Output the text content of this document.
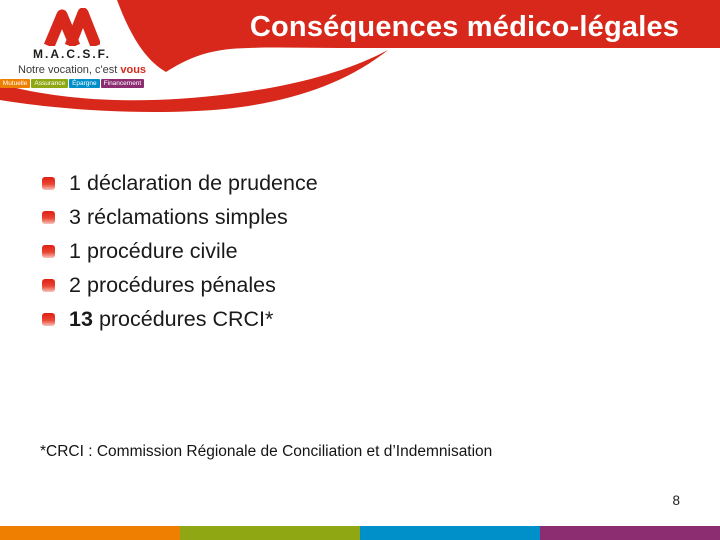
Conséquences médico-légales
M.A.C.S.F.
Notre vocation, c'est vous
Mutuelle	Assurance	Épargne	Financement
1 déclaration de prudence
3 réclamations simples
1 procédure civile
2 procédures pénales
13 procédures CRCI*
*CRCI : Commission Régionale de Conciliation et d’Indemnisation
8
